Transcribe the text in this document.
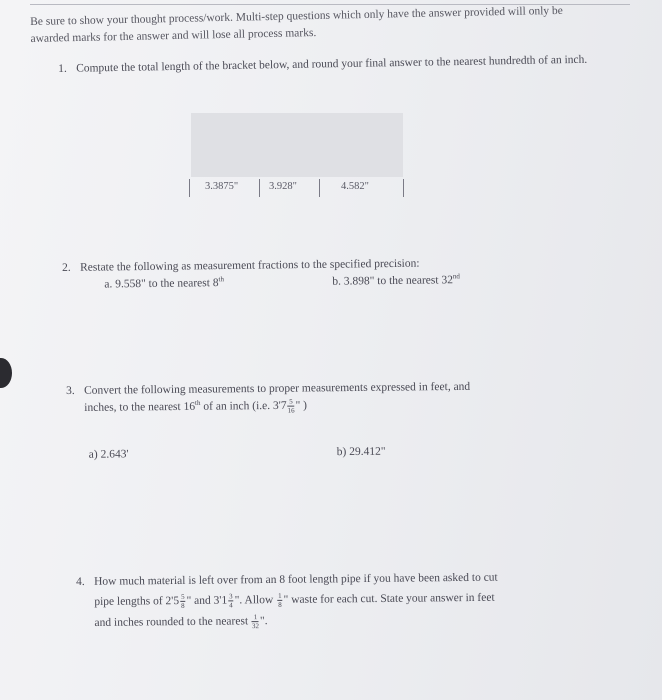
Be sure to show your thought process/work. Multi-step questions which only have the answer provided will only be awarded marks for the answer and will lose all process marks.
1. Compute the total length of the bracket below, and round your final answer to the nearest hundredth of an inch.
3.3875"	3.928"	4.582"
2. Restate the following as measurement fractions to the specified precision:
a. 9.558" to the nearest 8th	b. 3.898" to the nearest 32nd
3. Convert the following measurements to proper measurements expressed in feet, and
inches, to the nearest 16th of an inch (i.e. $3'7 \frac{5}{16}$ " )
a) 2.643'	b) 29.412"
4. How much material is left over from an 8 foot length pipe if you have been asked to cut
pipe lengths of $2'5 \frac{5}{8}$ " and $3'1 \frac{3}{4}$ ". Allow $\frac{1}{8}$ " waste for each cut. State your answer in feet
and inches rounded to the nearest $\frac{1}{32}$ ".
